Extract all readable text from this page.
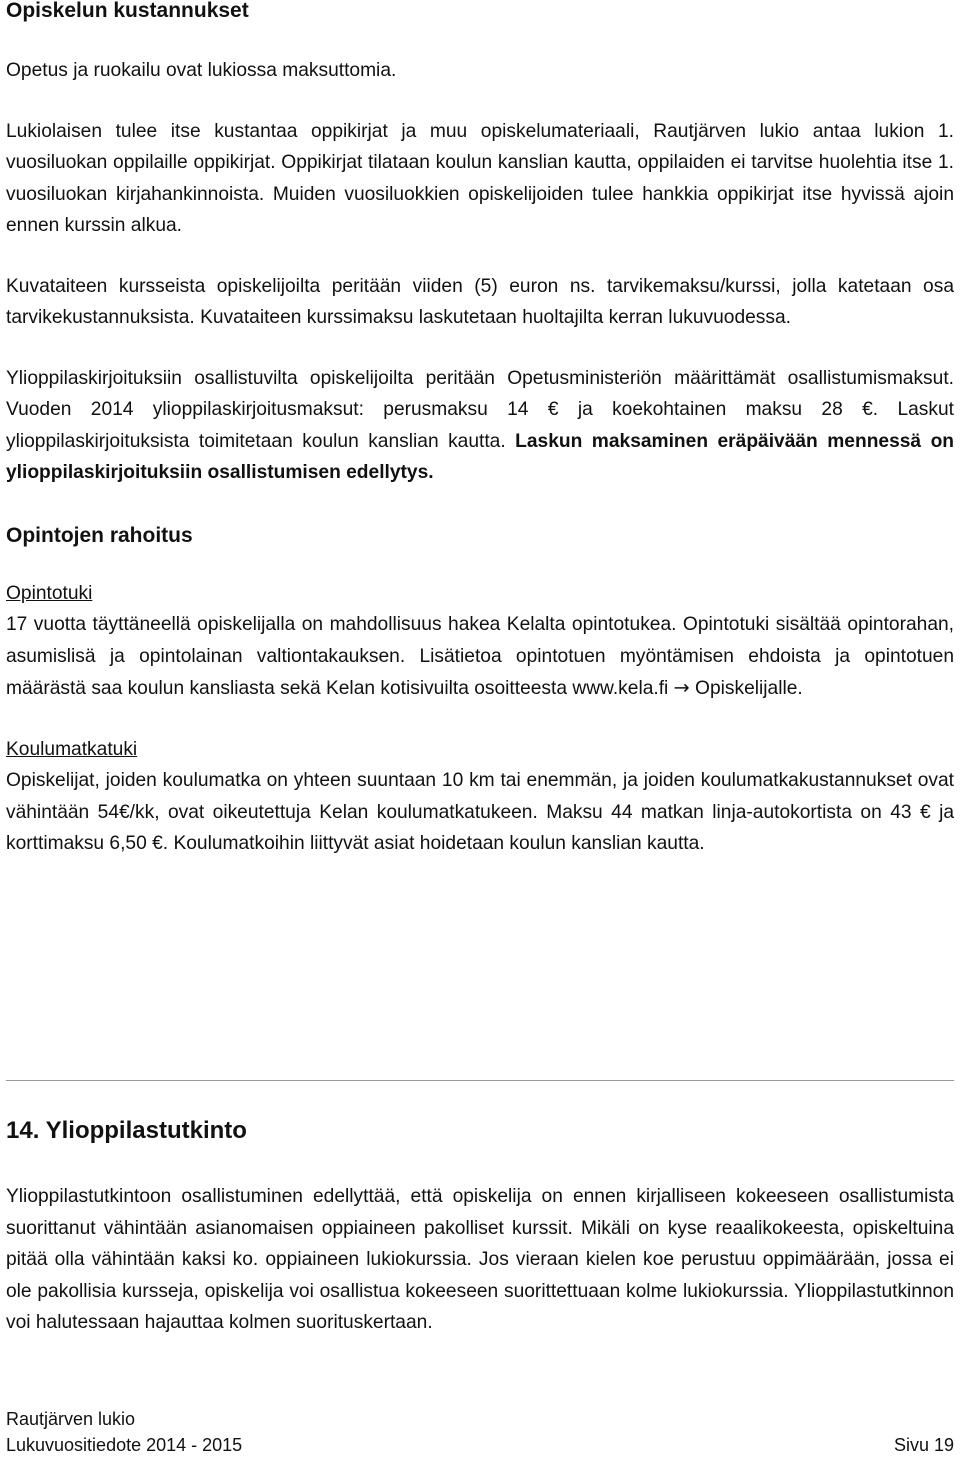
Opiskelun kustannukset

Opetus ja ruokailu ovat lukiossa maksuttomia.

Lukiolaisen tulee itse kustantaa oppikirjat ja muu opiskelumateriaali, Rautjärven lukio antaa lukion 1. vuosiluokan oppilaille oppikirjat. Oppikirjat tilataan koulun kanslian kautta, oppilaiden ei tarvitse huolehtia itse 1. vuosiluokan kirjahankinnoista. Muiden vuosiluokkien opiskelijoiden tulee hankkia oppikirjat itse hyvissä ajoin ennen kurssin alkua.

Kuvataiteen kursseista opiskelijoilta peritään viiden (5) euron ns. tarvikemaksu/kurssi, jolla katetaan osa tarvikekustannuksista. Kuvataiteen kurssimaksu laskutetaan huoltajilta kerran lukuvuodessa.

Ylioppilaskirjoituksiin osallistuvilta opiskelijoilta peritään Opetusministeriön määrittämät osallistumismaksut. Vuoden 2014 ylioppilaskirjoitusmaksut: perusmaksu 14 € ja koekohtainen maksu 28 €. Laskut ylioppilaskirjoituksista toimitetaan koulun kanslian kautta. Laskun maksaminen eräpäivään mennessä on ylioppilaskirjoituksiin osallistumisen edellytys.

Opintojen rahoitus

Opintotuki

17 vuotta täyttäneellä opiskelijalla on mahdollisuus hakea Kelalta opintotukea. Opintotuki sisältää opintorahan, asumislisä ja opintolainan valtiontakauksen. Lisätietoa opintotuen myöntämisen ehdoista ja opintotuen määrästä saa koulun kansliasta sekä Kelan kotisivuilta osoitteesta www.kela.fi → Opiskelijalle.

Koulumatkatuki

Opiskelijat, joiden koulumatka on yhteen suuntaan 10 km tai enemmän, ja joiden koulumatkakustannukset ovat vähintään 54€/kk, ovat oikeutettuja Kelan koulumatkatukeen. Maksu 44 matkan linja-autokortista on 43 € ja korttimaksu 6,50 €. Koulumatkoihin liittyvät asiat hoidetaan koulun kanslian kautta.

14. Ylioppilastutkinto

Ylioppilastutkintoon osallistuminen edellyttää, että opiskelija on ennen kirjalliseen kokeeseen osallistumista suorittanut vähintään asianomaisen oppiaineen pakolliset kurssit. Mikäli on kyse reaalikokeesta, opiskeltuina pitää olla vähintään kaksi ko. oppiaineen lukiokurssia. Jos vieraan kielen koe perustuu oppimäärään, jossa ei ole pakollisia kursseja, opiskelija voi osallistua kokeeseen suorittettuaan kolme lukiokurssia. Ylioppilastutkinnon voi halutessaan hajauttaa kolmen suorituskertaan.

Rautjärven lukio
Lukuvuositiedote 2014 - 2015	Sivu 19
